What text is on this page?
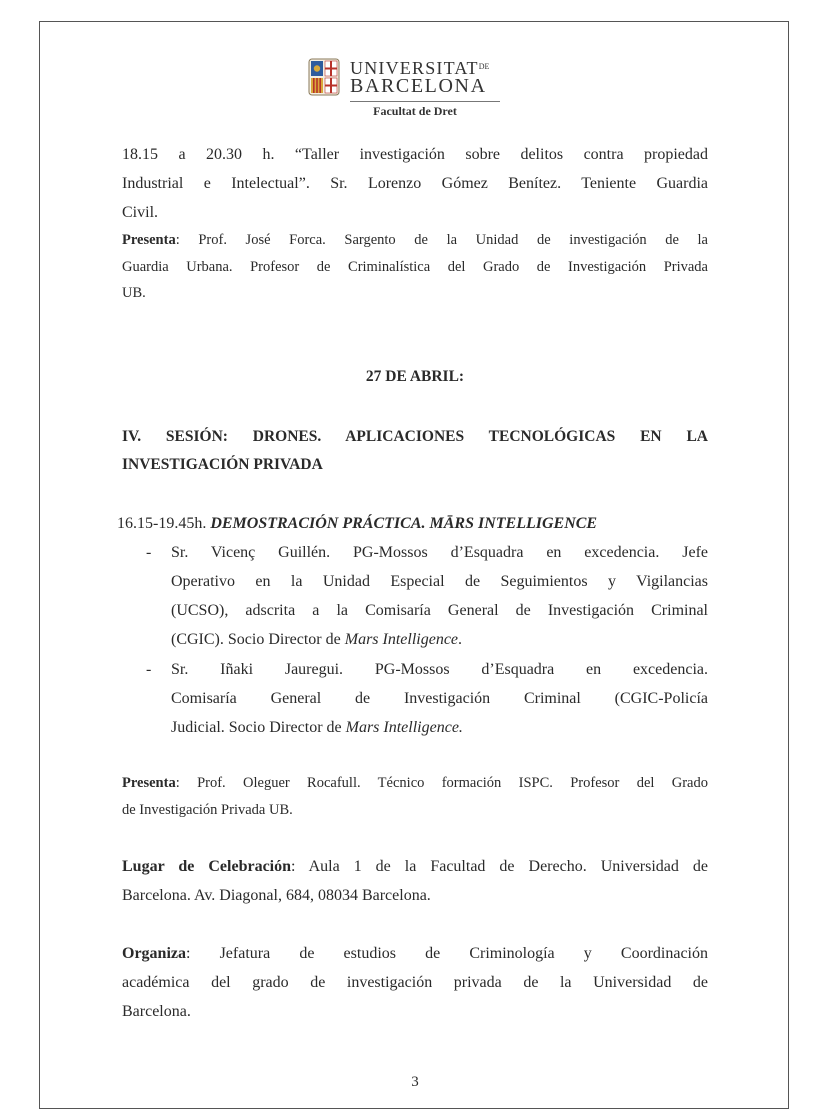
$UNIVERSITAT^{DE}$
BARCELONA
Facultat de Dret
18.15 a 20.30 h. “Taller investigación sobre delitos contra propiedad
Industrial e Intelectual”. Sr. Lorenzo Gómez Benítez. Teniente Guardia
Civil.
Presenta: Prof. José Forca. Sargento de la Unidad de investigación de la
Guardia Urbana. Profesor de Criminalística del Grado de Investigación Privada
UB.
27 DE ABRIL:
IV. SESIÓN: DRONES. APLICACIONES TECNOLÓGICAS EN LA
INVESTIGACIÓN PRIVADA
16.15-19.45h. DEMOSTRACIÓN PRÁCTICA. MĀRS INTELLIGENCE
- Sr. Vicenç Guillén. PG-Mossos d’Esquadra en excedencia. Jefe
Operativo en la Unidad Especial de Seguimientos y Vigilancias
(UCSO), adscrita a la Comisaría General de Investigación Criminal
(CGIC). Socio Director de Mars Intelligence.
- Sr. Iñaki Jauregui. PG-Mossos d’Esquadra en excedencia.
Comisaría General de Investigación Criminal (CGIC-Policía
Judicial. Socio Director de Mars Intelligence.
Presenta: Prof. Oleguer Rocafull. Técnico formación ISPC. Profesor del Grado
de Investigación Privada UB.
Lugar de Celebración: Aula 1 de la Facultad de Derecho. Universidad de
Barcelona. Av. Diagonal, 684, 08034 Barcelona.
Organiza: Jefatura de estudios de Criminología y Coordinación
académica del grado de investigación privada de la Universidad de
Barcelona.
3
